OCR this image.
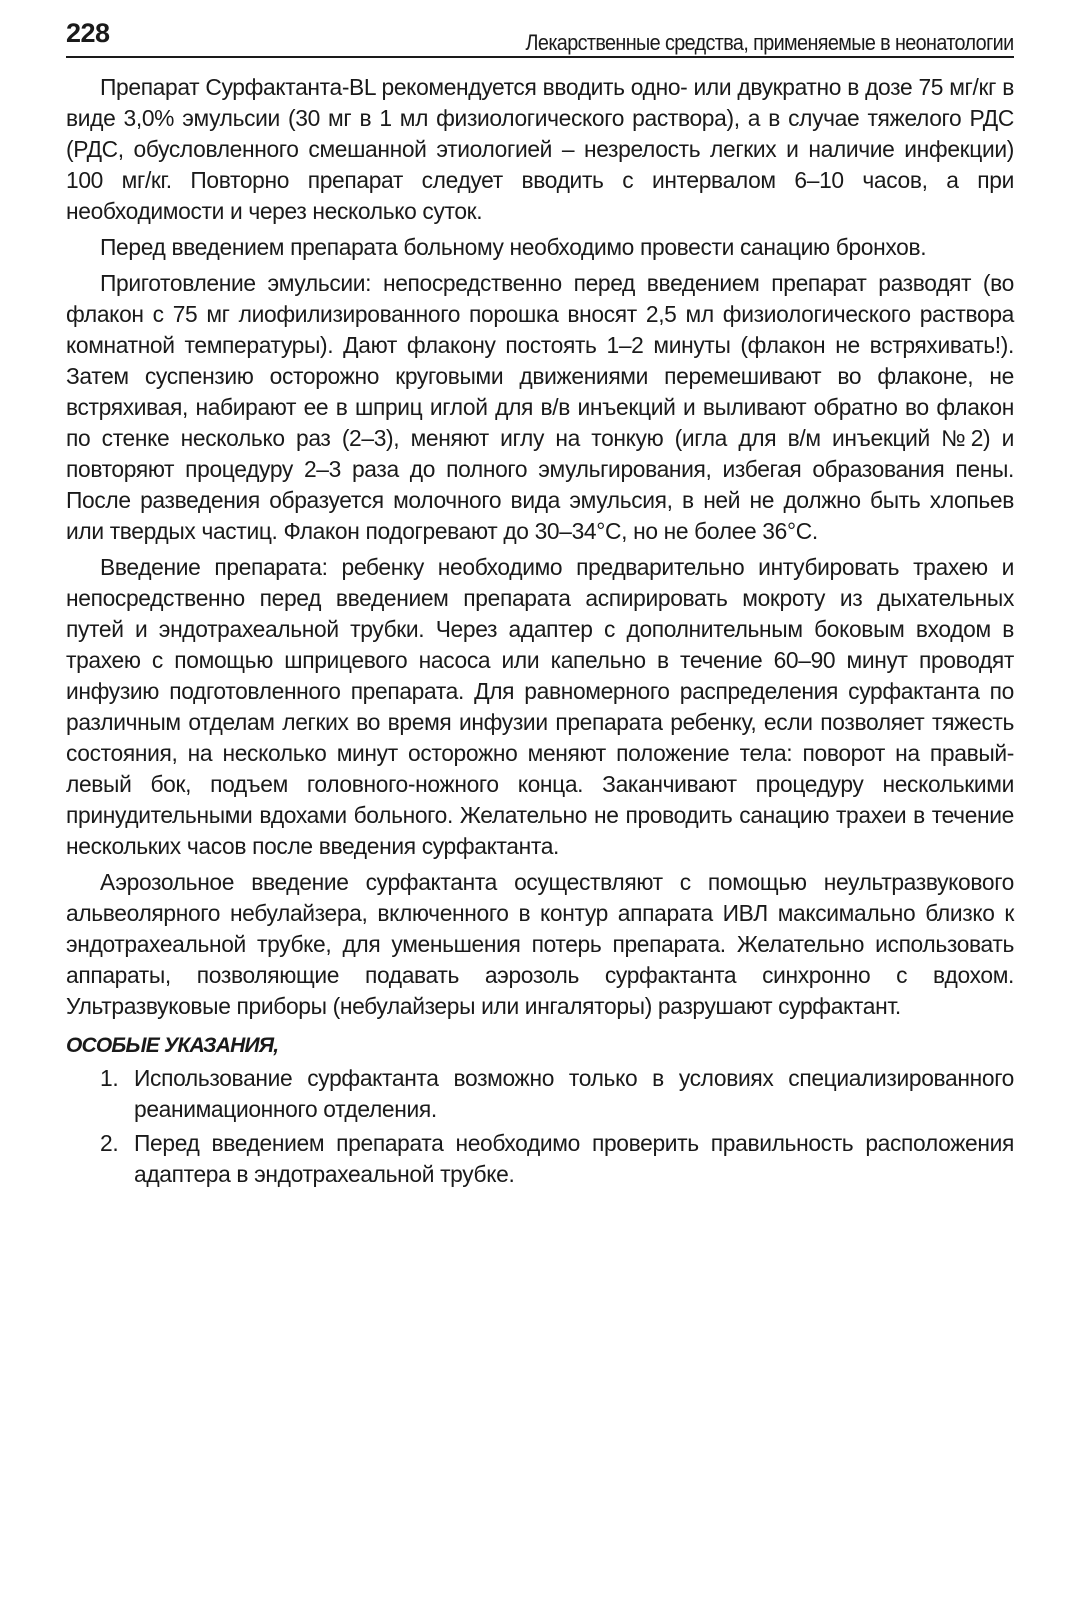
228	Лекарственные средства, применяемые в неонатологии

Препарат Сурфактанта-BL рекомендуется вводить одно- или двукратно в дозе 75 мг/кг в виде 3,0% эмульсии (30 мг в 1 мл физиологического раствора), а в случае тяжелого РДС (РДС, обусловленного смешанной этиологией – незрелость легких и наличие инфекции) 100 мг/кг. Повторно препарат следует вводить с интервалом 6–10 часов, а при необходимости и через несколько суток.

Перед введением препарата больному необходимо провести санацию бронхов.

Приготовление эмульсии: непосредственно перед введением препарат разводят (во флакон с 75 мг лиофилизированного порошка вносят 2,5 мл физиологического раствора комнатной температуры). Дают флакону постоять 1–2 минуты (флакон не встряхивать!). Затем суспензию осторожно круговыми движениями перемешивают во флаконе, не встряхивая, набирают ее в шприц иглой для в/в инъекций и выливают обратно во флакон по стенке несколько раз (2–3), меняют иглу на тонкую (игла для в/м инъекций №2) и повторяют процедуру 2–3 раза до полного эмульгирования, избегая образования пены. После разведения образуется молочного вида эмульсия, в ней не должно быть хлопьев или твердых частиц. Флакон подогревают до 30–34°C, но не более 36°C.

Введение препарата: ребенку необходимо предварительно интубировать трахею и непосредственно перед введением препарата аспирировать мокроту из дыхательных путей и эндотрахеальной трубки. Через адаптер с дополнительным боковым входом в трахею с помощью шприцевого насоса или капельно в течение 60–90 минут проводят инфузию подготовленного препарата. Для равномерного распределения сурфактанта по различным отделам легких во время инфузии препарата ребенку, если позволяет тяжесть состояния, на несколько минут осторожно меняют положение тела: поворот на правый-левый бок, подъем головного-ножного конца. Заканчивают процедуру несколькими принудительными вдохами больного. Желательно не проводить санацию трахеи в течение нескольких часов после введения сурфактанта.

Аэрозольное введение сурфактанта осуществляют с помощью неультразвукового альвеолярного небулайзера, включенного в контур аппарата ИВЛ максимально близко к эндотрахеальной трубке, для уменьшения потерь препарата. Желательно использовать аппараты, позволяющие подавать аэрозоль сурфактанта синхронно с вдохом. Ультразвуковые приборы (небулайзеры или ингаляторы) разрушают сурфактант.

ОСОБЫЕ УКАЗАНИЯ,
1. Использование сурфактанта возможно только в условиях специализированного реанимационного отделения.
2. Перед введением препарата необходимо проверить правильность расположения адаптера в эндотрахеальной трубке.
